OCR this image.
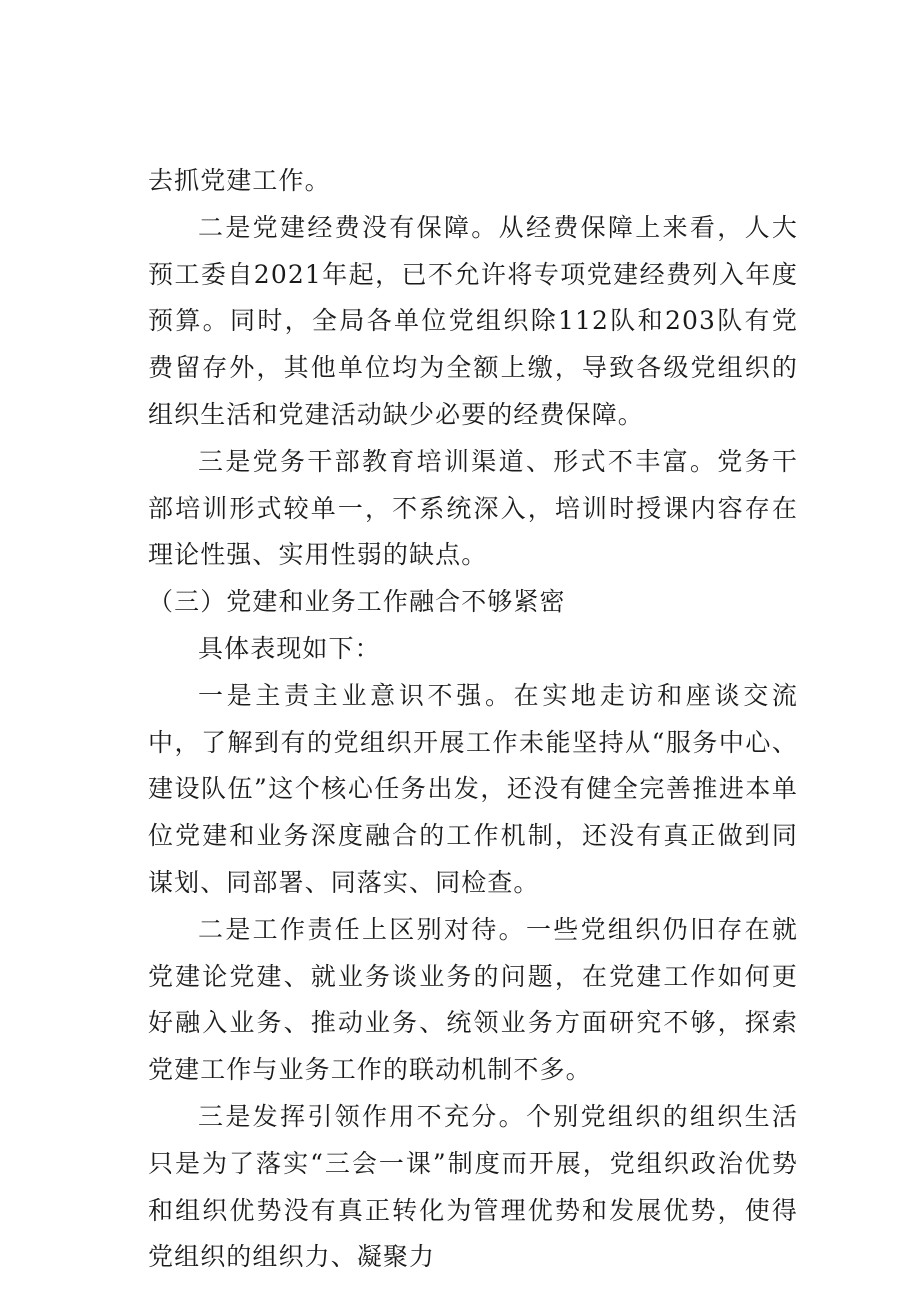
去抓党建工作。

二是党建经费没有保障。从经费保障上来看，人大预工委自2021年起，已不允许将专项党建经费列入年度预算。同时，全局各单位党组织除112队和203队有党费留存外，其他单位均为全额上缴，导致各级党组织的组织生活和党建活动缺少必要的经费保障。

三是党务干部教育培训渠道、形式不丰富。党务干部培训形式较单一，不系统深入，培训时授课内容存在理论性强、实用性弱的缺点。

（三）党建和业务工作融合不够紧密

具体表现如下：

一是主责主业意识不强。在实地走访和座谈交流中，了解到有的党组织开展工作未能坚持从“服务中心、建设队伍”这个核心任务出发，还没有健全完善推进本单位党建和业务深度融合的工作机制，还没有真正做到同谋划、同部署、同落实、同检查。

二是工作责任上区别对待。一些党组织仍旧存在就党建论党建、就业务谈业务的问题，在党建工作如何更好融入业务、推动业务、统领业务方面研究不够，探索党建工作与业务工作的联动机制不多。

三是发挥引领作用不充分。个别党组织的组织生活只是为了落实“三会一课”制度而开展，党组织政治优势和组织优势没有真正转化为管理优势和发展优势，使得党组织的组织力、凝聚力
